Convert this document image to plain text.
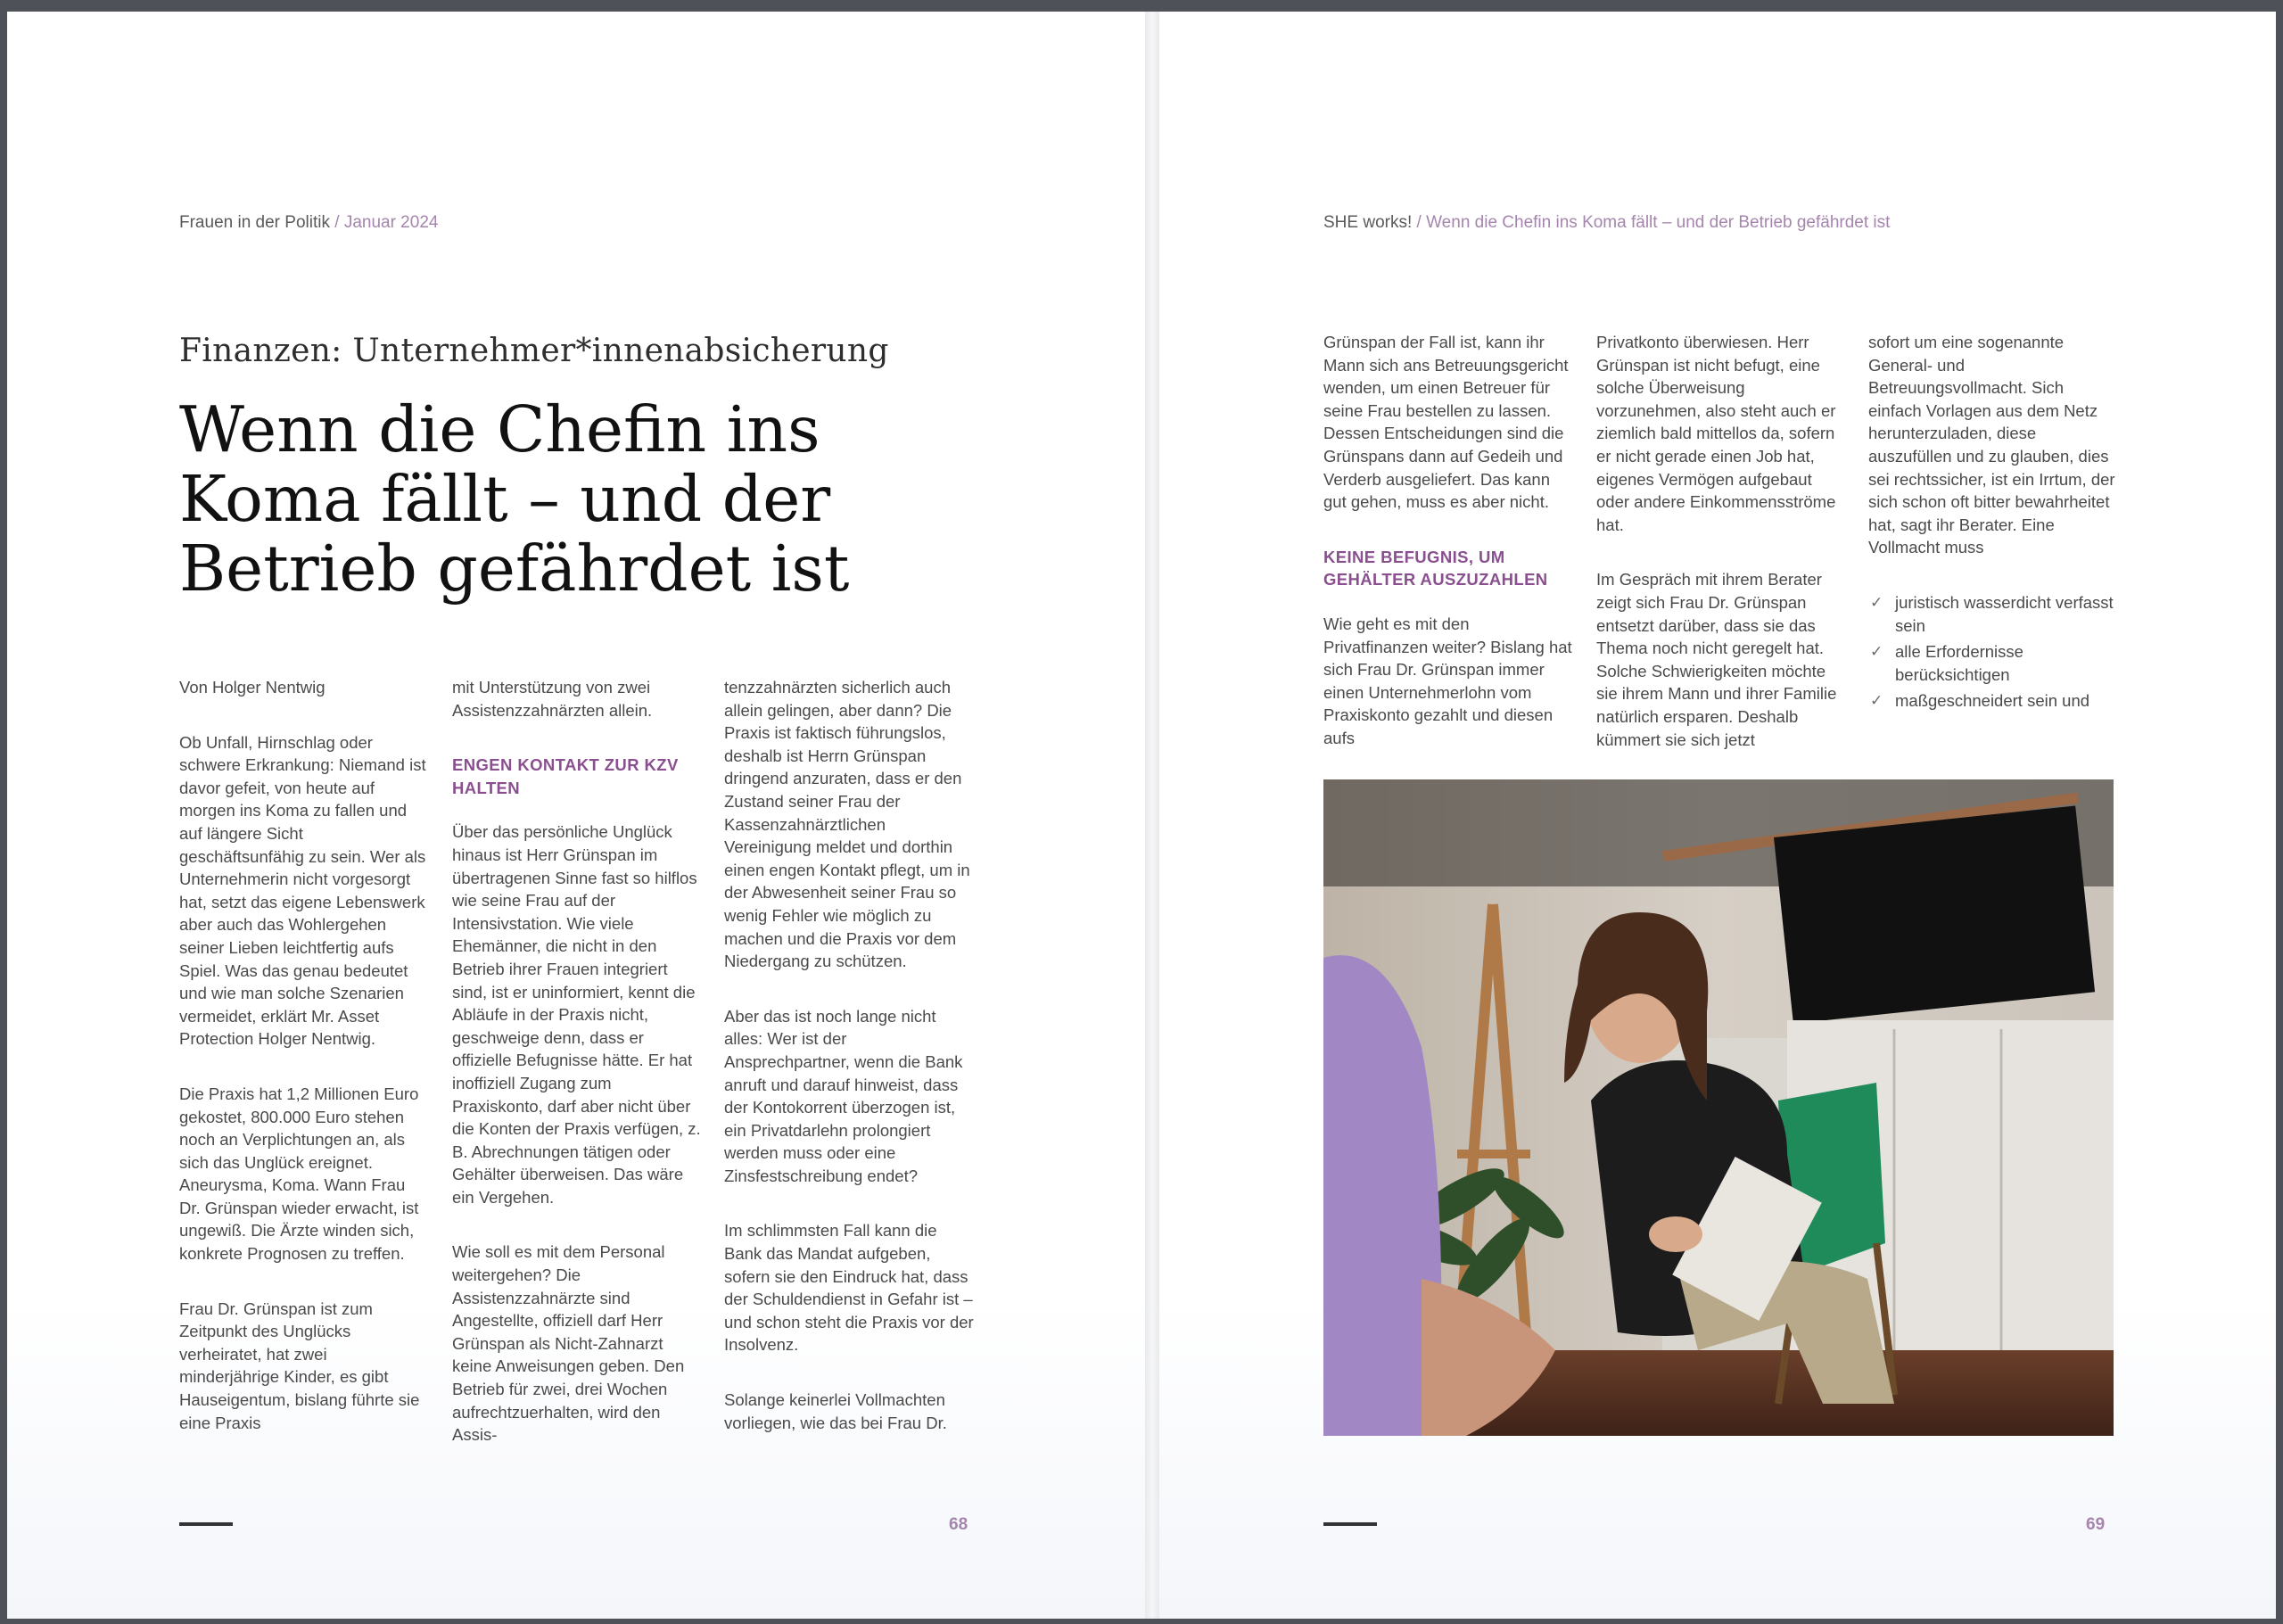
Frauen in der Politik / Januar 2024
Finanzen: Unternehmer*innenabsicherung
Wenn die Chefin ins Koma fällt – und der Betrieb gefährdet ist

Von Holger Nentwig

Ob Unfall, Hirnschlag oder schwere Erkrankung: Niemand ist davor gefeit, von heute auf morgen ins Koma zu fallen und auf längere Sicht geschäftsunfähig zu sein. Wer als Unternehmerin nicht vorgesorgt hat, setzt das eigene Lebenswerk aber auch das Wohlergehen seiner Lieben leichtfertig aufs Spiel. Was das genau bedeutet und wie man solche Szenarien vermeidet, erklärt Mr. Asset Protection Holger Nentwig.

Die Praxis hat 1,2 Millionen Euro gekostet, 800.000 Euro stehen noch an Verplichtungen an, als sich das Unglück ereignet. Aneurysma, Koma. Wann Frau Dr. Grünspan wieder erwacht, ist ungewiß. Die Ärzte winden sich, konkrete Prognosen zu treffen.

Frau Dr. Grünspan ist zum Zeitpunkt des Unglücks verheiratet, hat zwei minderjährige Kinder, es gibt Hauseigentum, bislang führte sie eine Praxis

mit Unterstützung von zwei Assistenzzahnärzten allein.

ENGEN KONTAKT ZUR KZV HALTEN

Über das persönliche Unglück hinaus ist Herr Grünspan im übertragenen Sinne fast so hilflos wie seine Frau auf der Intensivstation. Wie viele Ehemänner, die nicht in den Betrieb ihrer Frauen integriert sind, ist er uninformiert, kennt die Abläufe in der Praxis nicht, geschweige denn, dass er offizielle Befugnisse hätte. Er hat inoffiziell Zugang zum Praxiskonto, darf aber nicht über die Konten der Praxis verfügen, z. B. Abrechnungen tätigen oder Gehälter überweisen. Das wäre ein Vergehen.

Wie soll es mit dem Personal weitergehen? Die Assistenzzahnärzte sind Angestellte, offiziell darf Herr Grünspan als Nicht-Zahnarzt keine Anweisungen geben. Den Betrieb für zwei, drei Wochen aufrechtzuerhalten, wird den Assis-

tenzzahnärzten sicherlich auch allein gelingen, aber dann? Die Praxis ist faktisch führungslos, deshalb ist Herrn Grünspan dringend anzuraten, dass er den Zustand seiner Frau der Kassenzahnärztlichen Vereinigung meldet und dorthin einen engen Kontakt pflegt, um in der Abwesenheit seiner Frau so wenig Fehler wie möglich zu machen und die Praxis vor dem Niedergang zu schützen.

Aber das ist noch lange nicht alles: Wer ist der Ansprechpartner, wenn die Bank anruft und darauf hinweist, dass der Kontokorrent überzogen ist, ein Privatdarlehn prolongiert werden muss oder eine Zinsfestschreibung endet?

Im schlimmsten Fall kann die Bank das Mandat aufgeben, sofern sie den Eindruck hat, dass der Schuldendienst in Gefahr ist – und schon steht die Praxis vor der Insolvenz.

Solange keinerlei Vollmachten vorliegen, wie das bei Frau Dr.

68
SHE works! / Wenn die Chefin ins Koma fällt – und der Betrieb gefährdet ist

Grünspan der Fall ist, kann ihr Mann sich ans Betreuungsgericht wenden, um einen Betreuer für seine Frau bestellen zu lassen. Dessen Entscheidungen sind die Grünspans dann auf Gedeih und Verderb ausgeliefert. Das kann gut gehen, muss es aber nicht.

KEINE BEFUGNIS, UM GEHÄLTER AUSZUZAHLEN

Wie geht es mit den Privatfinanzen weiter? Bislang hat sich Frau Dr. Grünspan immer einen Unternehmerlohn vom Praxiskonto gezahlt und diesen aufs

Privatkonto überwiesen. Herr Grünspan ist nicht befugt, eine solche Überweisung vorzunehmen, also steht auch er ziemlich bald mittellos da, sofern er nicht gerade einen Job hat, eigenes Vermögen aufgebaut oder andere Einkommensströme hat.

Im Gespräch mit ihrem Berater zeigt sich Frau Dr. Grünspan entsetzt darüber, dass sie das Thema noch nicht geregelt hat. Solche Schwierigkeiten möchte sie ihrem Mann und ihrer Familie natürlich ersparen. Deshalb kümmert sie sich jetzt

sofort um eine sogenannte General- und Betreuungsvollmacht. Sich einfach Vorlagen aus dem Netz herunterzuladen, diese auszufüllen und zu glauben, dies sei rechtssicher, ist ein Irrtum, der sich schon oft bitter bewahrheitet hat, sagt ihr Berater. Eine Vollmacht muss

✓ juristisch wasserdicht verfasst sein
✓ alle Erfordernisse berücksichtigen
✓ maßgeschneidert sein und
69
